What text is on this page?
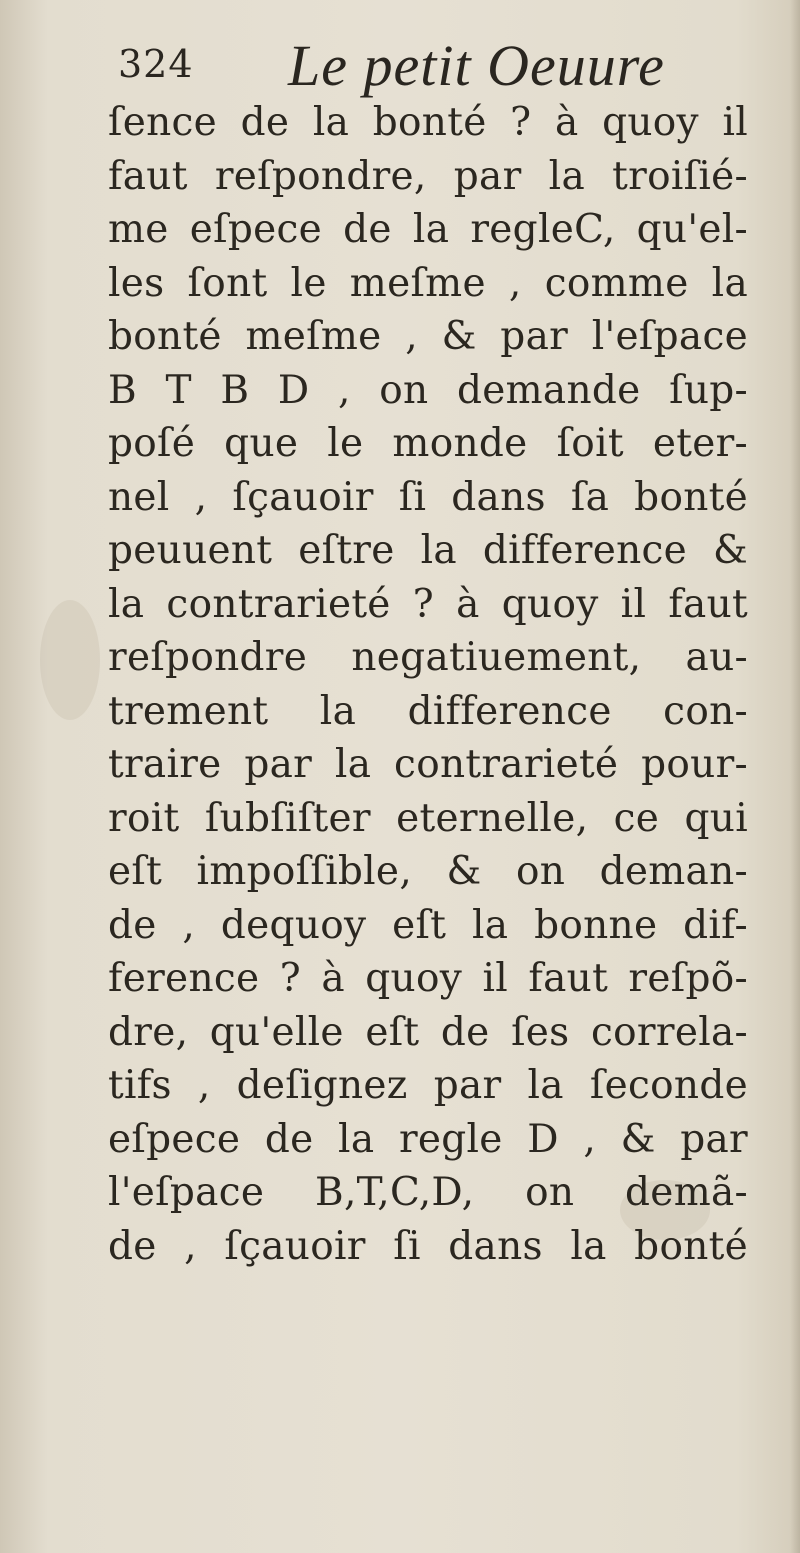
324 Le petit Oeuure
ſence de la bonté ? à quoy il
faut reſpondre, par la troiſié-
me eſpece de la regleC, qu'el-
les ſont le meſme , comme la
bonté meſme , & par l'eſpace
B T B D , on demande ſup-
poſé que le monde ſoit eter-
nel , ſçauoir ſi dans ſa bonté
peuuent eſtre la difference &
la contrarieté ? à quoy il faut
reſpondre negatiuement, au-
trement la difference con-
traire par la contrarieté pour-
roit ſubſiſter eternelle, ce qui
eſt impoſſible, & on deman-
de , dequoy eſt la bonne dif-
ference ? à quoy il faut reſpõ-
dre, qu'elle eſt de ſes correla-
tifs , deſignez par la ſeconde
eſpece de la regle D , & par
l'eſpace B,T,C,D, on demã-
de , ſçauoir ſi dans la bonté
